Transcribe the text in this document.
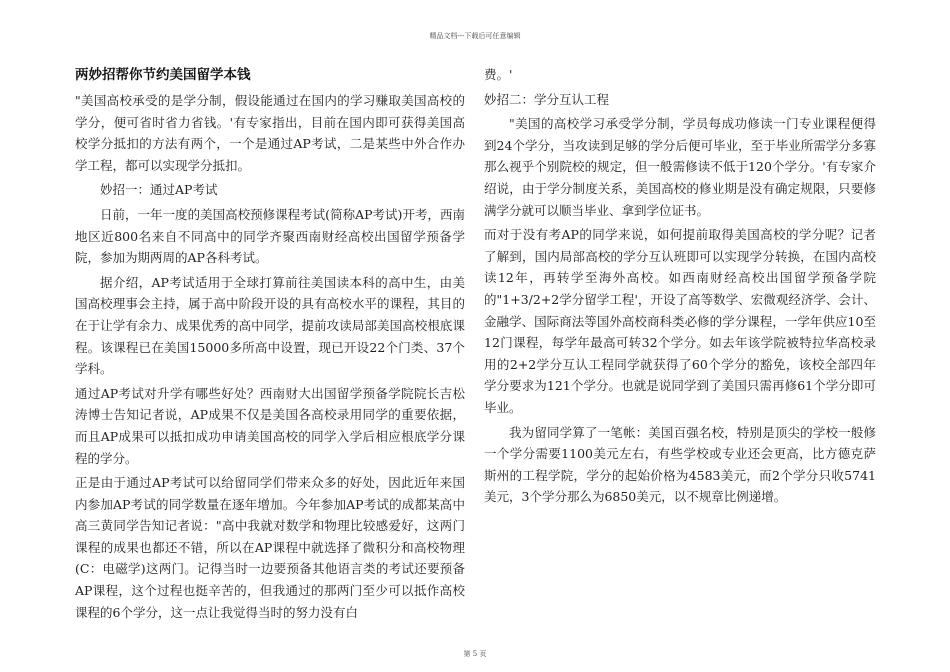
精品文档---下载后可任意编辑
两妙招帮你节约美国留学本钱

"美国高校承受的是学分制，假设能通过在国内的学习赚取美国高校的学分，便可省时省力省钱。'有专家指出，目前在国内即可获得美国高校学分抵扣的方法有两个，一个是通过AP考试，二是某些中外合作办学工程，都可以实现学分抵扣。

妙招一：通过AP考试

日前，一年一度的美国高校预修课程考试(简称AP考试)开考，西南地区近800名来自不同高中的同学齐聚西南财经高校出国留学预备学院，参加为期两周的AP各科考试。

据介绍，AP考试适用于全球打算前往美国读本科的高中生，由美国高校理事会主持，属于高中阶段开设的具有高校水平的课程，其目的在于让学有余力、成果优秀的高中同学，提前攻读局部美国高校根底课程。该课程已在美国15000多所高中设置，现已开设22个门类、37个学科。

通过AP考试对升学有哪些好处？西南财大出国留学预备学院院长吉松涛博士告知记者说，AP成果不仅是美国各高校录用同学的重要依据，而且AP成果可以抵扣成功申请美国高校的同学入学后相应根底学分课程的学分。

正是由于通过AP考试可以给留同学们带来众多的好处，因此近年来国内参加AP考试的同学数量在逐年增加。今年参加AP考试的成都某高中高三黄同学告知记者说："高中我就对数学和物理比较感爱好，这两门课程的成果也都还不错，所以在AP课程中就选择了微积分和高校物理(C：电磁学)这两门。记得当时一边要预备其他语言类的考试还要预备AP课程，这个过程也挺辛苦的，但我通过的那两门至少可以抵作高校课程的6个学分，这一点让我觉得当时的努力没有白

费。'

妙招二：学分互认工程

"美国的高校学习承受学分制，学员每成功修读一门专业课程便得到24个学分，当攻读到足够的学分后便可毕业，至于毕业所需学分多寡那么视乎个别院校的规定，但一般需修读不低于120个学分。'有专家介绍说，由于学分制度关系，美国高校的修业期是没有确定规限，只要修满学分就可以顺当毕业、拿到学位证书。

而对于没有考AP的同学来说，如何提前取得美国高校的学分呢？记者了解到，国内局部高校的学分互认班即可以实现学分转换，在国内高校读12年，再转学至海外高校。如西南财经高校出国留学预备学院的"1+3/2+2学分留学工程'，开设了高等数学、宏微观经济学、会计、金融学、国际商法等国外高校商科类必修的学分课程，一学年供应10至12门课程，每学年最高可转32个学分。如去年该学院被特拉华高校录用的2+2学分互认工程同学就获得了60个学分的豁免，该校全部四年学分要求为121个学分。也就是说同学到了美国只需再修61个学分即可毕业。

我为留同学算了一笔帐：美国百强名校，特别是顶尖的学校一般修一个学分需要1100美元左右，有些学校或专业还会更高，比方德克萨斯州的工程学院，学分的起始价格为4583美元，而2个学分只收5741美元，3个学分那么为6850美元，以不规章比例递增。

第 5 页
